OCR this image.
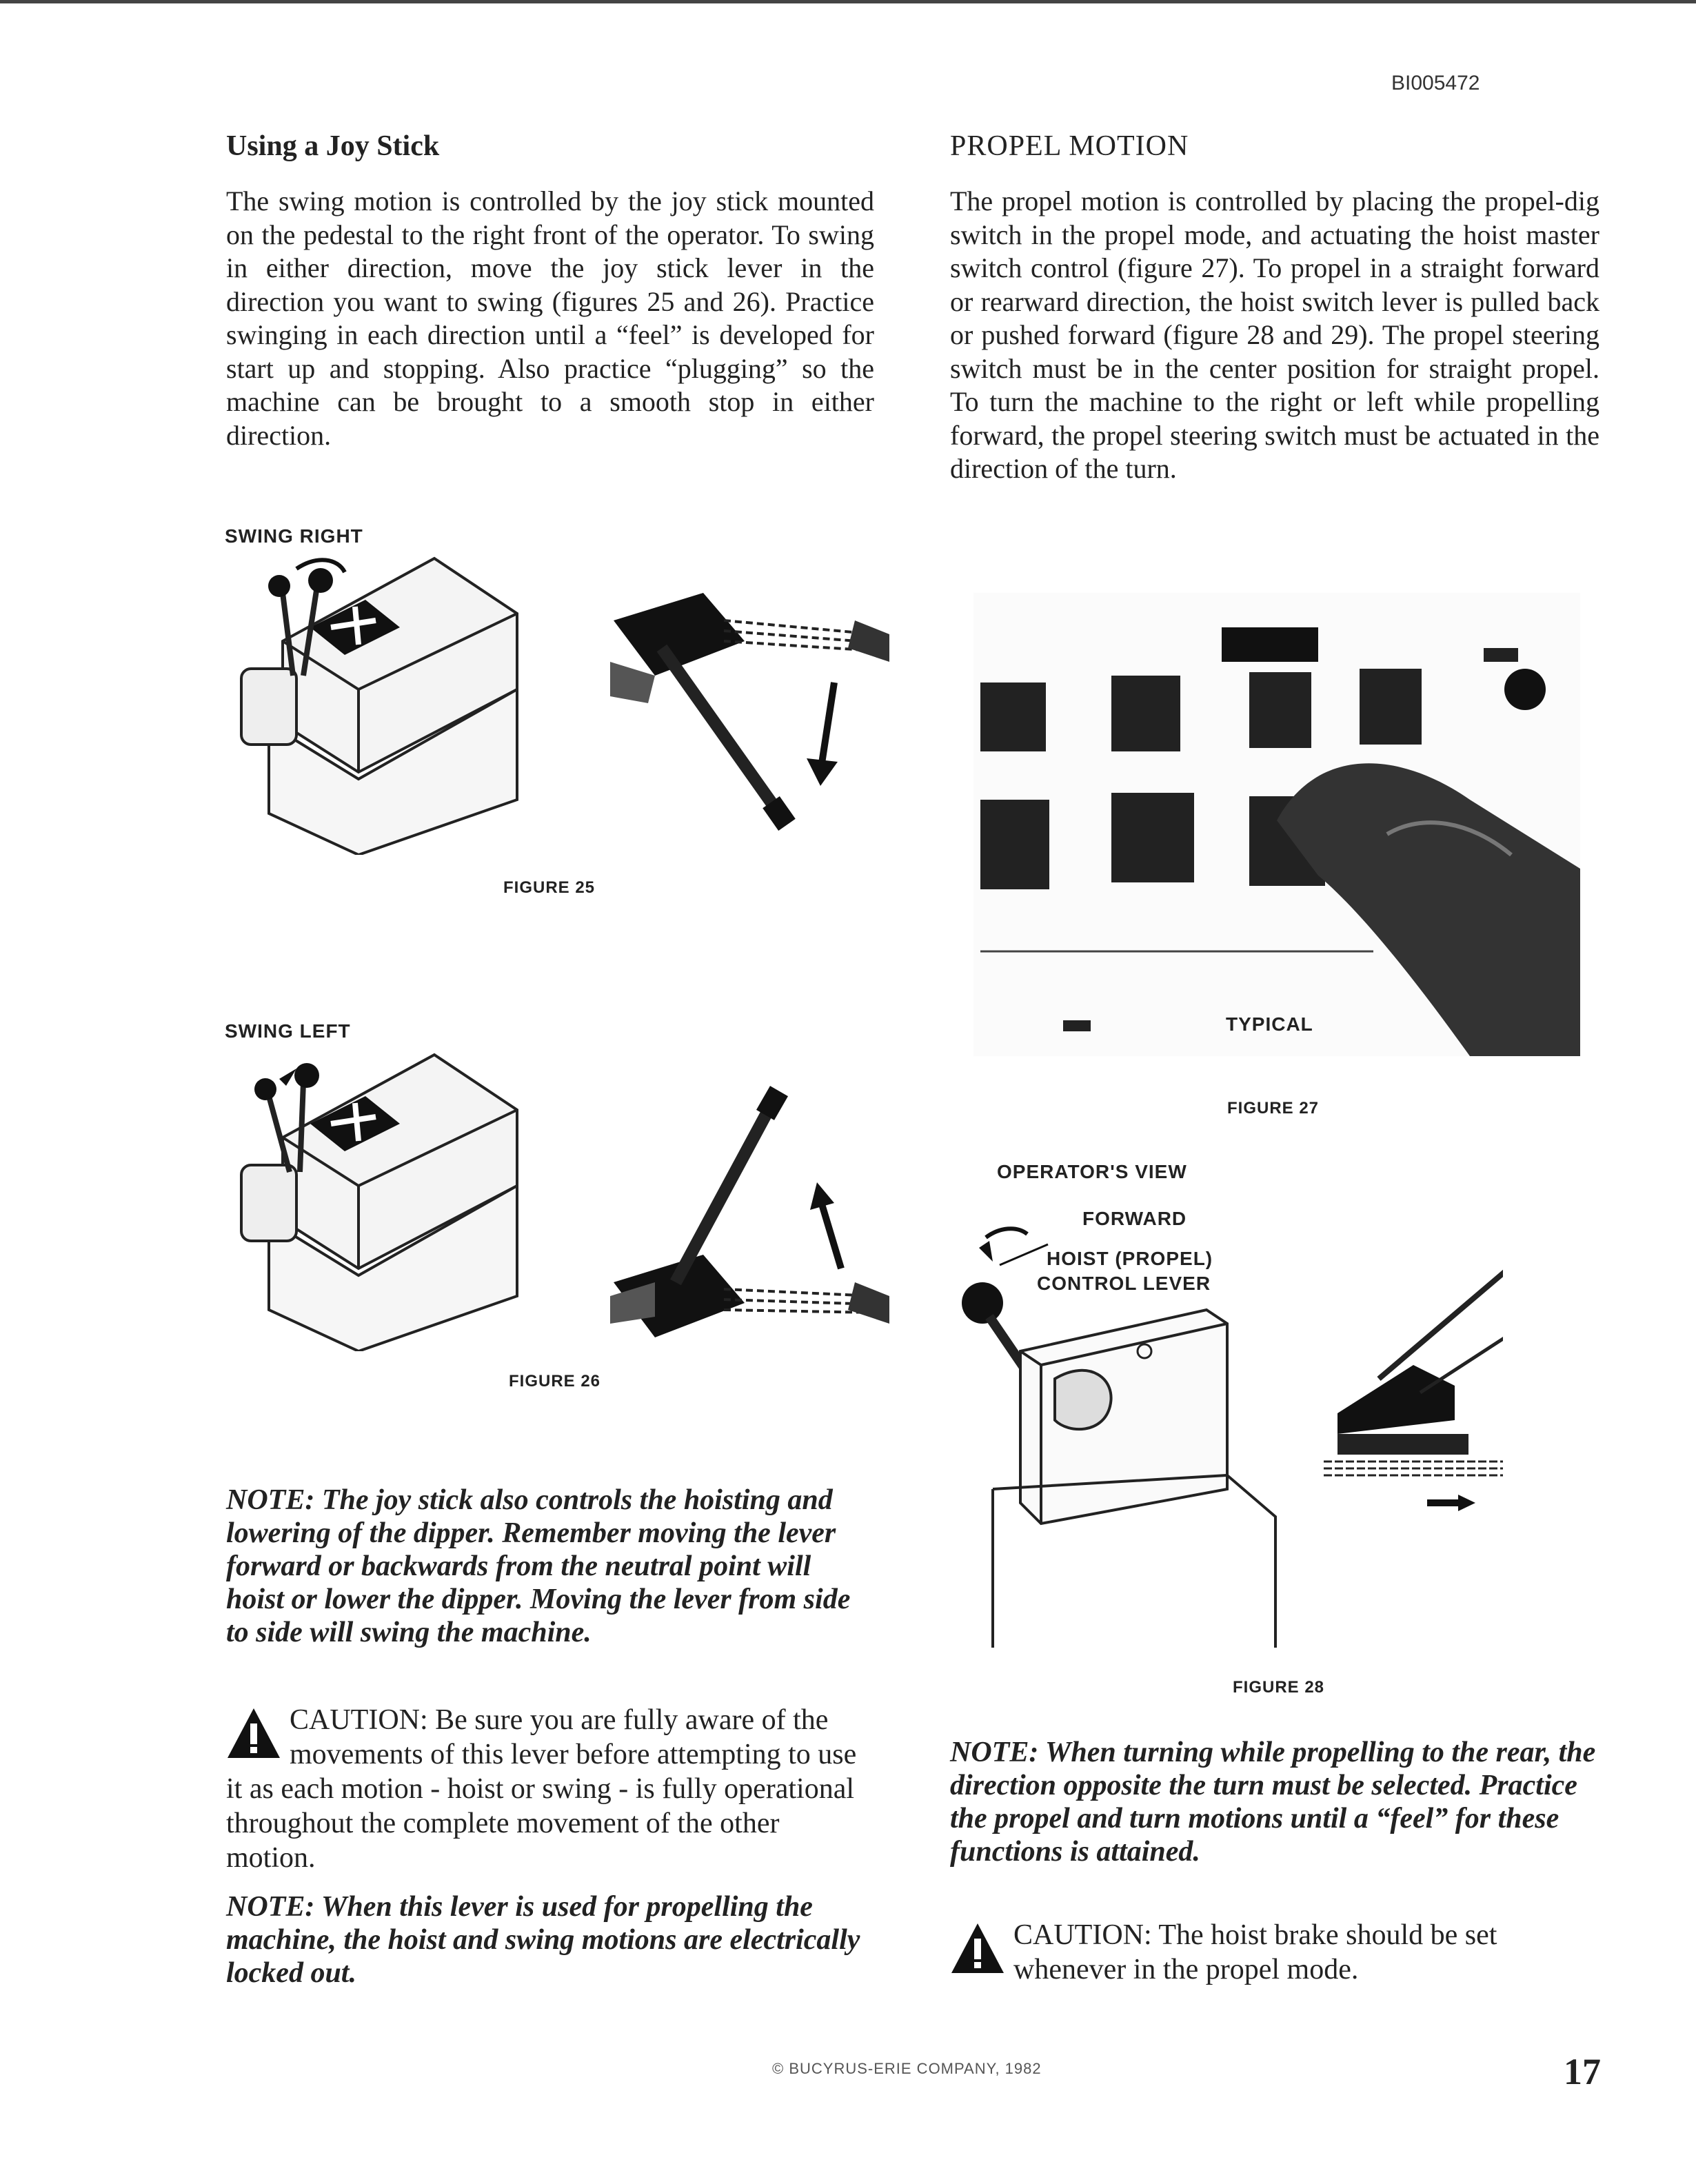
BI005472
Using a Joy Stick
The swing motion is controlled by the joy stick mounted on the pedestal to the right front of the operator. To swing in either direction, move the joy stick lever in the direction you want to swing (figures 25 and 26). Practice swinging in each direction until a “feel” is developed for start up and stopping. Also practice “plugging” so the machine can be brought to a smooth stop in either direction.
SWING RIGHT
FIGURE 25
SWING LEFT
FIGURE 26
NOTE: The joy stick also controls the hoisting and lowering of the dipper. Remember moving the lever forward or backwards from the neutral point will hoist or lower the dipper. Moving the lever from side to side will swing the machine.
CAUTION: Be sure you are fully aware of the movements of this lever before attempting to use it as each motion - hoist or swing - is fully operational throughout the complete movement of the other motion.
NOTE: When this lever is used for propelling the machine, the hoist and swing motions are electrically locked out.
PROPEL MOTION
The propel motion is controlled by placing the propel-dig switch in the propel mode, and actuating the hoist master switch control (figure 27). To propel in a straight forward or rearward direction, the hoist switch lever is pulled back or pushed forward (figure 28 and 29). The propel steering switch must be in the center position for straight propel. To turn the machine to the right or left while propelling forward, the propel steering switch must be actuated in the direction of the turn.
TYPICAL
FIGURE 27
OPERATOR'S VIEW
FORWARD
HOIST (PROPEL)
CONTROL LEVER
FIGURE 28
NOTE: When turning while propelling to the rear, the direction opposite the turn must be selected. Practice the propel and turn motions until a “feel” for these functions is attained.
CAUTION: The hoist brake should be set whenever in the propel mode.
© BUCYRUS-ERIE COMPANY, 1982	17
